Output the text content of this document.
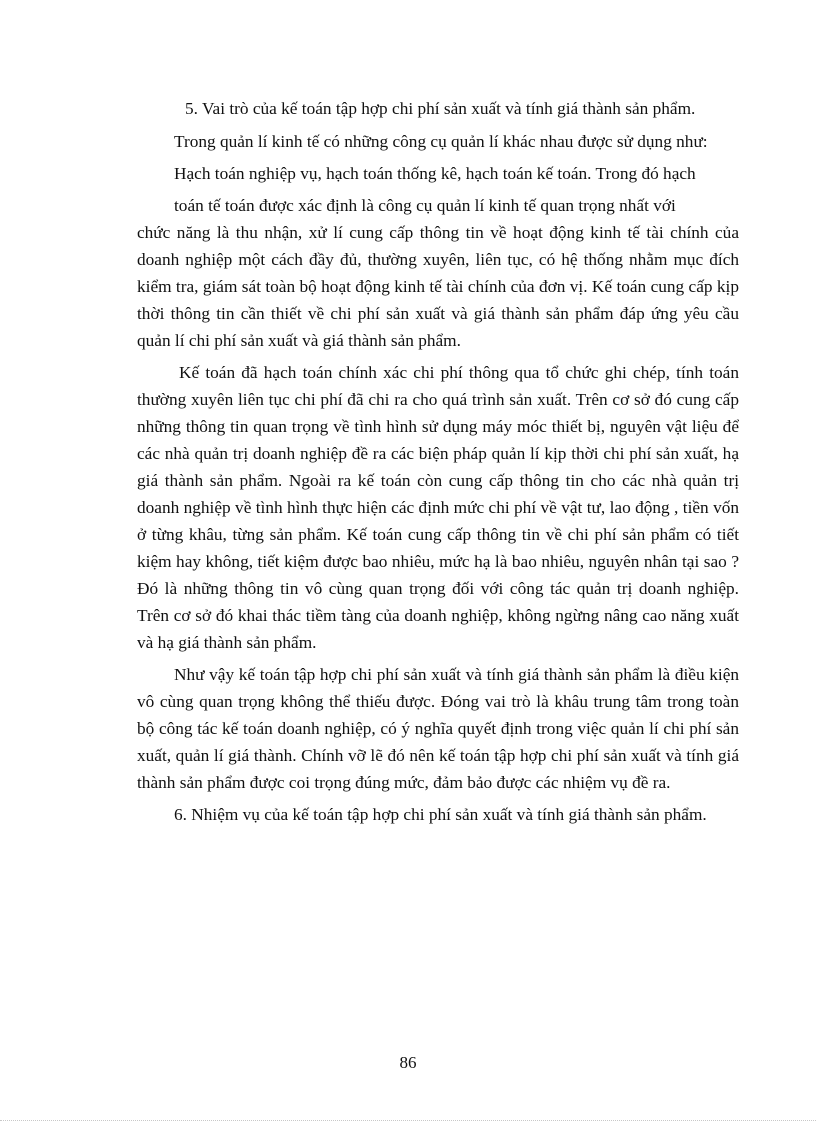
5. Vai trò của kế toán tập hợp chi phí sản xuất và tính giá thành sản phẩm.

Trong quản lí kinh tế có những công cụ quản lí khác nhau được sử dụng như:

Hạch toán nghiệp vụ, hạch toán thống kê, hạch toán kế toán. Trong đó hạch

toán tế toán được xác định là công cụ quản lí kinh tế quan trọng nhất với

chức năng là thu nhận, xử lí cung cấp thông tin về hoạt động kinh tế tài chính của doanh nghiệp một cách đầy đủ, thường xuyên, liên tục, có hệ thống nhằm mục đích kiểm tra, giám sát toàn bộ hoạt động kinh tế tài chính của đơn vị. Kế toán cung cấp kịp thời thông tin cần thiết về chi phí sản xuất và giá thành sản phẩm đáp ứng yêu cầu quản lí chi phí sản xuất và giá thành sản phẩm.

Kế toán đã hạch toán chính xác chi phí thông qua tổ chức ghi chép, tính toán thường xuyên liên tục chi phí đã chi ra cho quá trình sản xuất. Trên cơ sở đó cung cấp những thông tin quan trọng về tình hình sử dụng máy móc thiết bị, nguyên vật liệu để các nhà quản trị doanh nghiệp đề ra các biện pháp quản lí kịp thời chi phí sản xuất, hạ giá thành sản phẩm. Ngoài ra kế toán còn cung cấp thông tin cho các nhà quản trị doanh nghiệp về tình hình thực hiện các định mức chi phí về vật tư, lao động , tiền vốn ở từng khâu, từng sản phẩm. Kế toán cung cấp thông tin về chi phí sản phẩm có tiết kiệm hay không, tiết kiệm được bao nhiêu, mức hạ là bao nhiêu, nguyên nhân tại sao ? Đó là những thông tin vô cùng quan trọng đối với công tác quản trị doanh nghiệp. Trên cơ sở đó khai thác tiềm tàng của doanh nghiệp, không ngừng nâng cao năng xuất và hạ giá thành sản phẩm.

Như vậy kế toán tập hợp chi phí sản xuất và tính giá thành sản phẩm là điều kiện vô cùng quan trọng không thể thiếu được. Đóng vai trò là khâu trung tâm trong toàn bộ công tác kế toán doanh nghiệp, có ý nghĩa quyết định trong việc quản lí chi phí sản xuất, quản lí giá thành. Chính vỡ lẽ đó nên kế toán tập hợp chi phí sản xuất và tính giá thành sản phẩm được coi trọng đúng mức, đảm bảo được các nhiệm vụ đề ra.

6. Nhiệm vụ của kế toán tập hợp chi phí sản xuất và tính giá thành sản phẩm.

86
